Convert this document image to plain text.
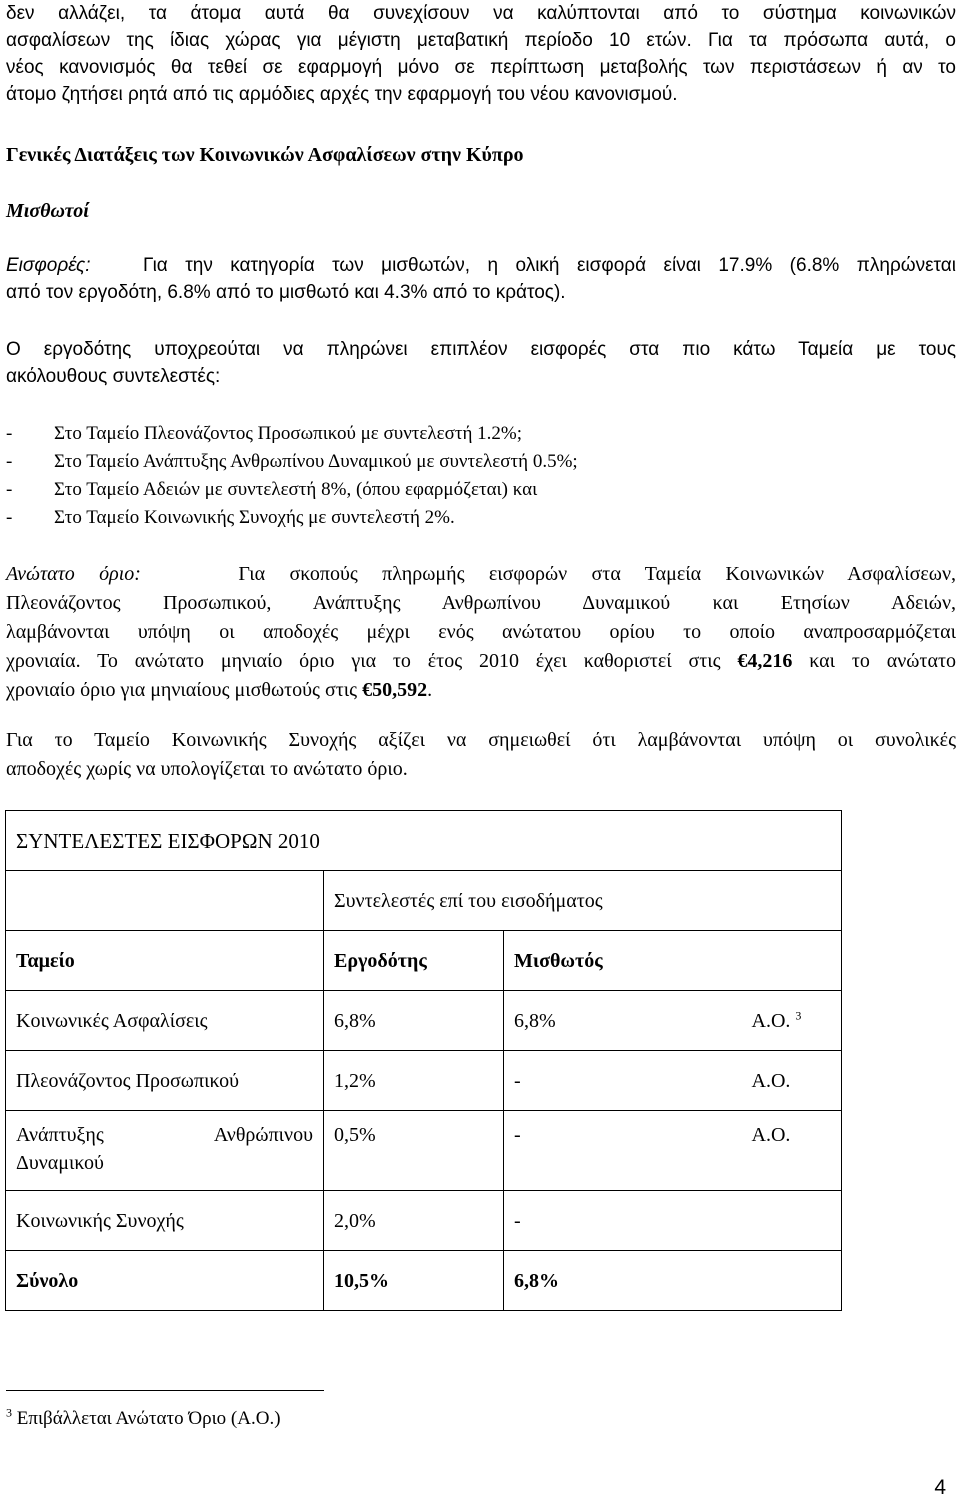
δεν αλλάζει, τα άτομα αυτά θα συνεχίσουν να καλύπτονται από το σύστημα κοινωνικών

ασφαλίσεων της ίδιας χώρας για μέγιστη μεταβατική περίοδο 10 ετών. Για τα πρόσωπα αυτά, ο

νέος κανονισμός θα τεθεί σε εφαρμογή μόνο σε περίπτωση μεταβολής των περιστάσεων ή αν το

άτομο ζητήσει ρητά από τις αρμόδιες αρχές την εφαρμογή του νέου κανονισμού.

Γενικές Διατάξεις των Κοινωνικών Ασφαλίσεων στην Κύπρο
Μισθωτοί

Εισφορές:	Για την κατηγορία των μισθωτών, η ολική εισφορά είναι 17.9% (6.8% πληρώνεται

από τον εργοδότη, 6.8% από το μισθωτό και 4.3% από το κράτος).

Ο εργοδότης υποχρεούται να πληρώνει επιπλέον εισφορές στα πιο κάτω Ταμεία με τους

ακόλουθους συντελεστές:

- Στο Ταμείο Πλεονάζοντος Προσωπικού με συντελεστή 1.2%;
- Στο Ταμείο Ανάπτυξης Ανθρωπίνου Δυναμικού με συντελεστή 0.5%;
- Στο Ταμείο Αδειών με συντελεστή 8%, (όπου εφαρμόζεται) και
- Στο Ταμείο Κοινωνικής Συνοχής με συντελεστή 2%.

Ανώτατο όριο:	Για σκοπούς πληρωμής εισφορών στα Ταμεία Κοινωνικών Ασφαλίσεων,

Πλεονάζοντος Προσωπικού, Ανάπτυξης Ανθρωπίνου Δυναμικού και Ετησίων Αδειών,

λαμβάνονται υπόψη οι αποδοχές μέχρι ενός ανώτατου ορίου το οποίο αναπροσαρμόζεται

χρονιαία. Το ανώτατο μηνιαίο όριο για το έτος 2010 έχει καθοριστεί στις €4,216 και το ανώτατο

χρονιαίο όριο για μηνιαίους μισθωτούς στις €50,592.

Για το Ταμείο Κοινωνικής Συνοχής αξίζει να σημειωθεί ότι λαμβάνονται υπόψη οι συνολικές

αποδοχές χωρίς να υπολογίζεται το ανώτατο όριο.

ΣΥΝΤΕΛΕΣΤΕΣ ΕΙΣΦΟΡΩΝ 2010			
	Συντελεστές επί του εισοδήματος		
Ταμείο	Εργοδότης	Μισθωτός	
Κοινωνικές Ασφαλίσεις	6,8%	6,8%	Α.Ο. $^3$
Πλεονάζοντος Προσωπικού	1,2%	-	Α.Ο.

Ανάπτυξης Ανθρώπινου
Δυναμικού	0,5%	-	Α.Ο.
Κοινωνικής Συνοχής	2,0%	-	
Σύνολο	10,5%	6,8%	
$^3$ Επιβάλλεται Ανώτατο Όριο (Α.Ο.)
4
